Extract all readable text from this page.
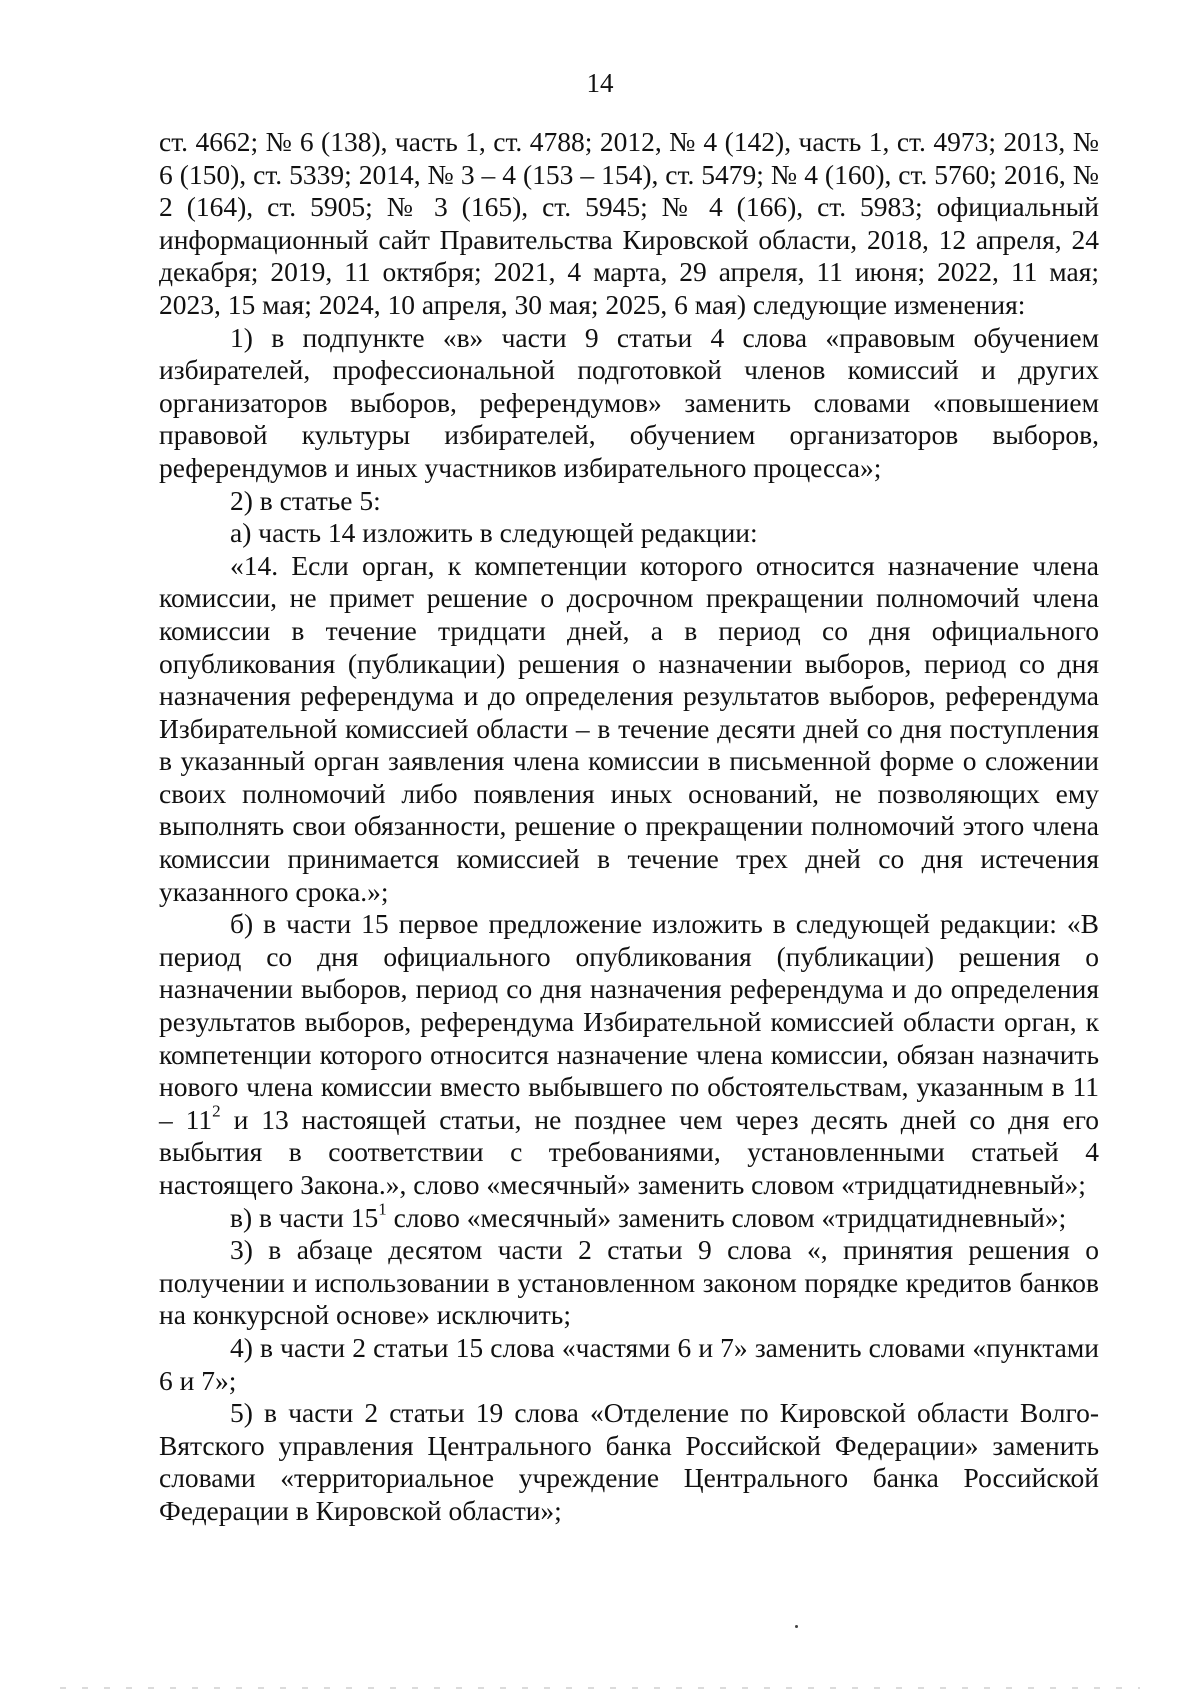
14

ст. 4662; № 6 (138), часть 1, ст. 4788; 2012, № 4 (142), часть 1, ст. 4973; 2013, № 6 (150), ст. 5339; 2014, № 3 – 4 (153 – 154), ст. 5479; № 4 (160), ст. 5760; 2016, № 2 (164), ст. 5905; № 3 (165), ст. 5945; № 4 (166), ст. 5983; официальный информационный сайт Правительства Кировской области, 2018, 12 апреля, 24 декабря; 2019, 11 октября; 2021, 4 марта, 29 апреля, 11 июня; 2022, 11 мая; 2023, 15 мая; 2024, 10 апреля, 30 мая; 2025, 6 мая) следующие изменения:

1) в подпункте «в» части 9 статьи 4 слова «правовым обучением избирателей, профессиональной подготовкой членов комиссий и других организаторов выборов, референдумов» заменить словами «повышением правовой культуры избирателей, обучением организаторов выборов, референдумов и иных участников избирательного процесса»;

2) в статье 5:

а) часть 14 изложить в следующей редакции:

«14. Если орган, к компетенции которого относится назначение члена комиссии, не примет решение о досрочном прекращении полномочий члена комиссии в течение тридцати дней, а в период со дня официального опубликования (публикации) решения о назначении выборов, период со дня назначения референдума и до определения результатов выборов, референдума Избирательной комиссией области – в течение десяти дней со дня поступления в указанный орган заявления члена комиссии в письменной форме о сложении своих полномочий либо появления иных оснований, не позволяющих ему выполнять свои обязанности, решение о прекращении полномочий этого члена комиссии принимается комиссией в течение трех дней со дня истечения указанного срока.»;

б) в части 15 первое предложение изложить в следующей редакции: «В период со дня официального опубликования (публикации) решения о назначении выборов, период со дня назначения референдума и до определения результатов выборов, референдума Избирательной комиссией области орган, к компетенции которого относится назначение члена комиссии, обязан назначить нового члена комиссии вместо выбывшего по обстоятельствам, указанным в $11 - 11^2$ и 13 настоящей статьи, не позднее чем через десять дней со дня его выбытия в соответствии с требованиями, установленными статьей 4 настоящего Закона.», слово «месячный» заменить словом «тридцатидневный»;

в) в части $15^1$ слово «месячный» заменить словом «тридцатидневный»;

3) в абзаце десятом части 2 статьи 9 слова «, принятия решения о получении и использовании в установленном законом порядке кредитов банков на конкурсной основе» исключить;

4) в части 2 статьи 15 слова «частями 6 и 7» заменить словами «пунктами 6 и 7»;

5) в части 2 статьи 19 слова «Отделение по Кировской области Волго-Вятского управления Центрального банка Российской Федерации» заменить словами «территориальное учреждение Центрального банка Российской Федерации в Кировской области»;
